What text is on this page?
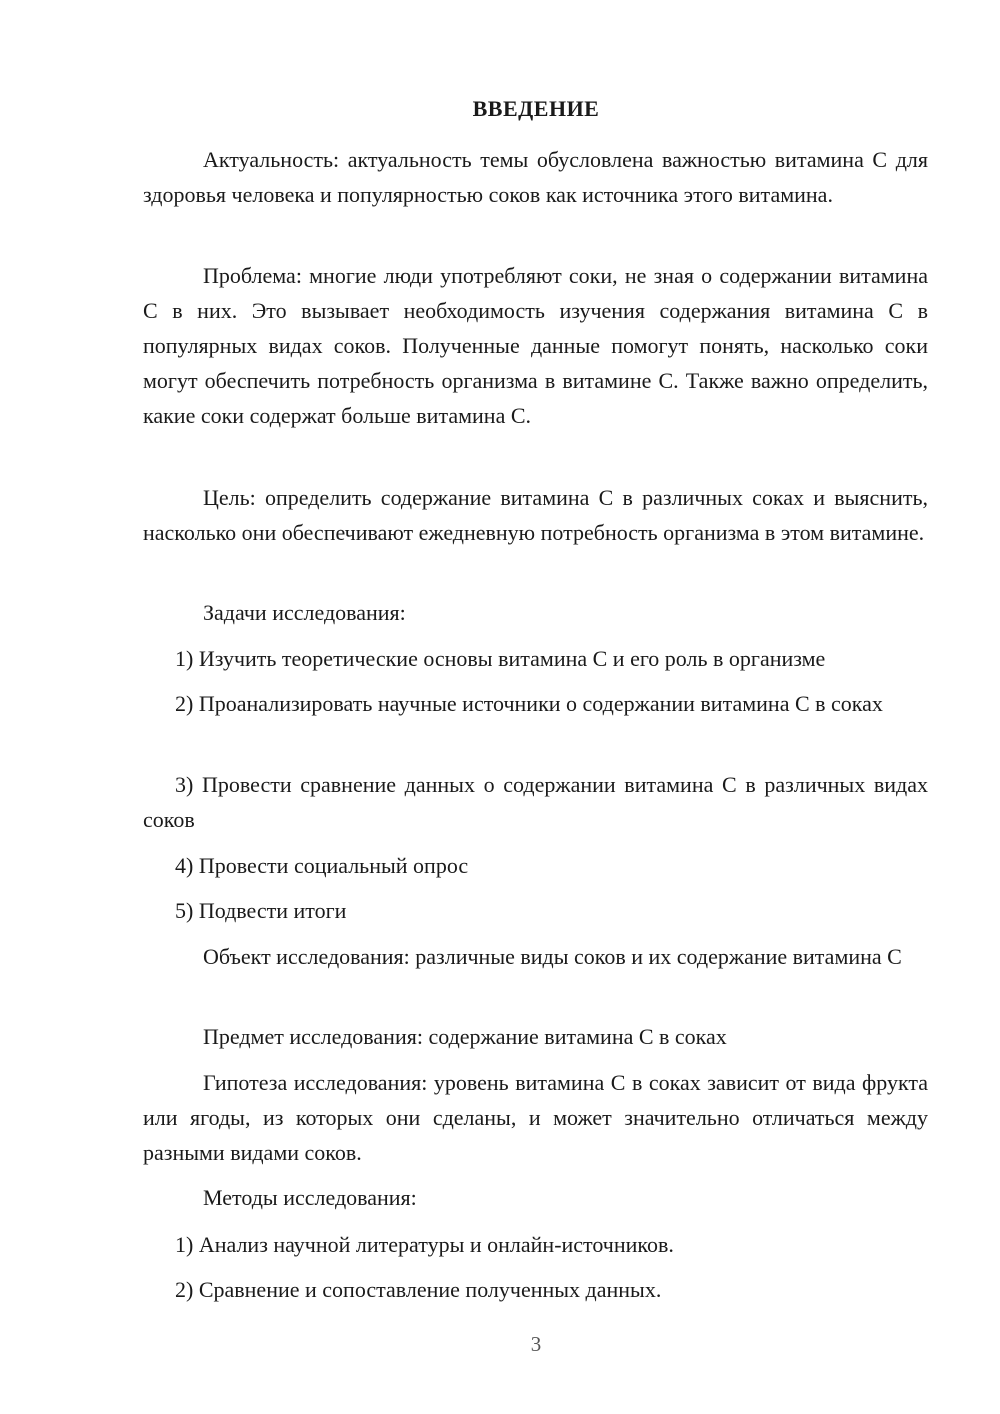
ВВЕДЕНИЕ

Актуальность: актуальность темы обусловлена важностью витамина С для здоровья человека и популярностью соков как источника этого витамина.

Проблема: многие люди употребляют соки, не зная о содержании витамина С в них. Это вызывает необходимость изучения содержания витамина С в популярных видах соков. Полученные данные помогут понять, насколько соки могут обеспечить потребность организма в витамине С. Также важно определить, какие соки содержат больше витамина С.

Цель: определить содержание витамина С в различных соках и выяснить, насколько они обеспечивают ежедневную потребность организма в этом витамине.

Задачи исследования:

1) Изучить теоретические основы витамина С и его роль в организме

2) Проанализировать научные источники о содержании витамина С в соках

3) Провести сравнение данных о содержании витамина С в различных видах соков

4) Провести социальный опрос

5) Подвести итоги

Объект исследования: различные виды соков и их содержание витамина С

Предмет исследования: содержание витамина С в соках

Гипотеза исследования: уровень витамина С в соках зависит от вида фрукта или ягоды, из которых они сделаны, и может значительно отличаться между разными видами соков.

Методы исследования:

1) Анализ научной литературы и онлайн-источников.

2) Сравнение и сопоставление полученных данных.

3
